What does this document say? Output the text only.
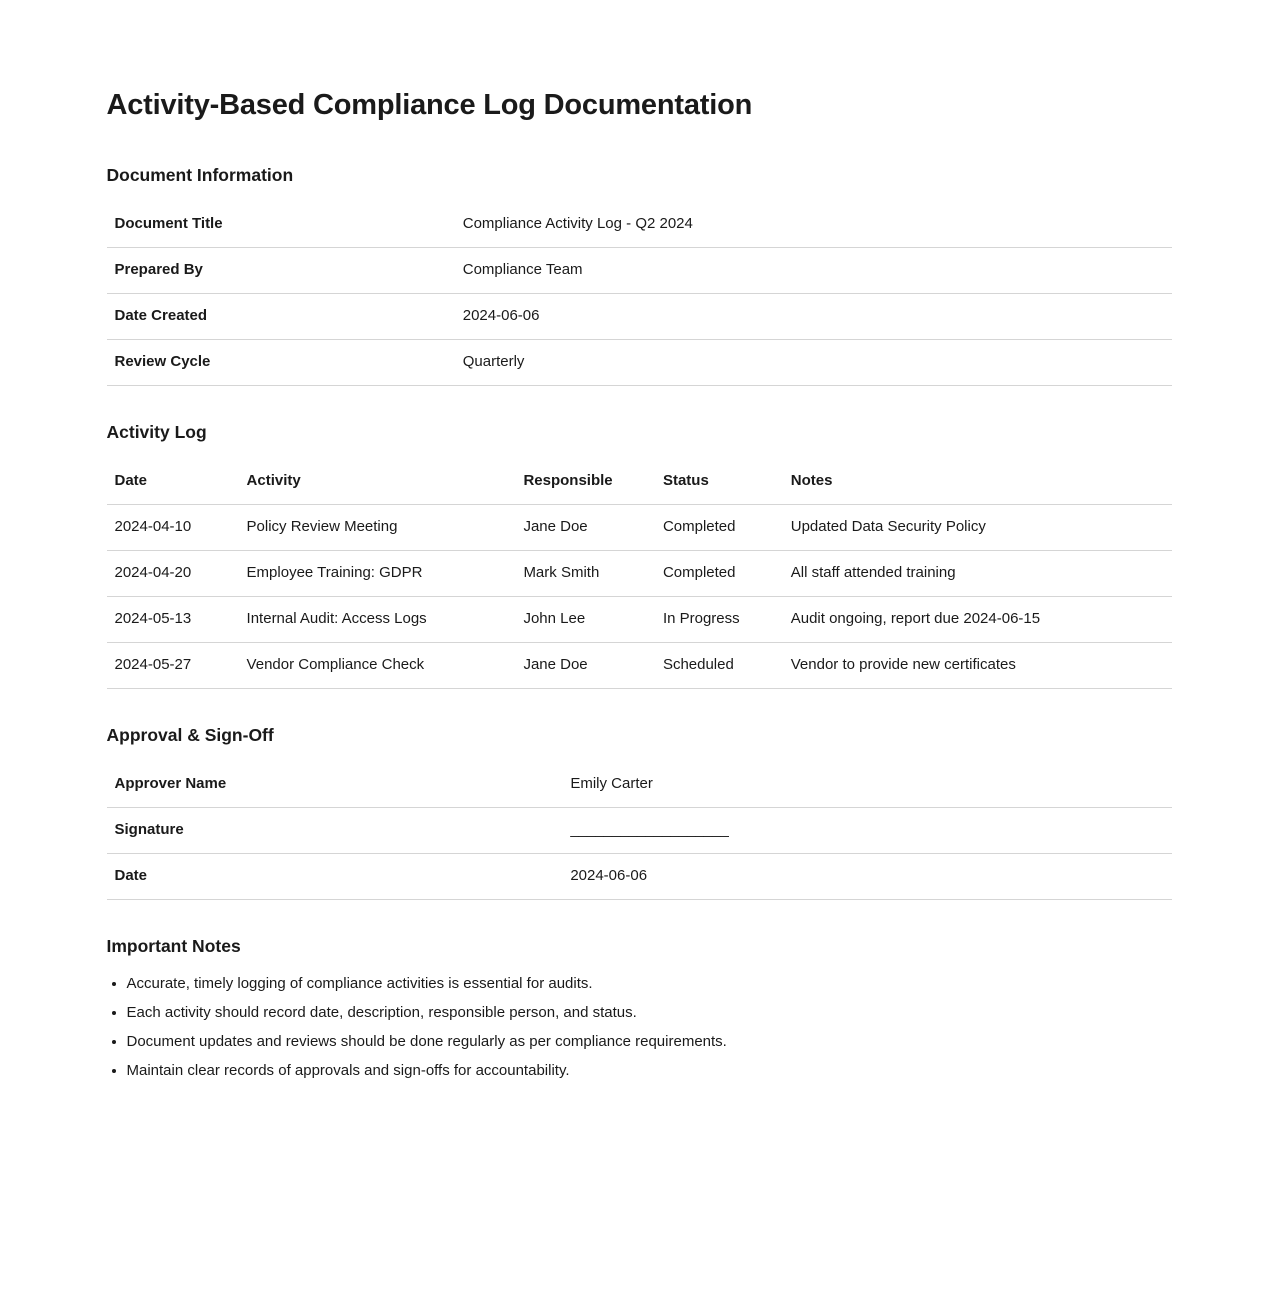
Activity-Based Compliance Log Documentation
Document Information
Document Title	Compliance Activity Log - Q2 2024
Prepared By	Compliance Team
Date Created	2024-06-06
Review Cycle	Quarterly
Activity Log
Date	Activity	Responsible	Status	Notes
2024-04-10	Policy Review Meeting	Jane Doe	Completed	Updated Data Security Policy
2024-04-20	Employee Training: GDPR	Mark Smith	Completed	All staff attended training
2024-05-13	Internal Audit: Access Logs	John Lee	In Progress	Audit ongoing, report due 2024-06-15
2024-05-27	Vendor Compliance Check	Jane Doe	Scheduled	Vendor to provide new certificates
Approval & Sign-Off
Approver Name	Emily Carter
Signature	___________________
Date	2024-06-06
Important Notes
• Accurate, timely logging of compliance activities is essential for audits.
• Each activity should record date, description, responsible person, and status.
• Document updates and reviews should be done regularly as per compliance requirements.
• Maintain clear records of approvals and sign-offs for accountability.
